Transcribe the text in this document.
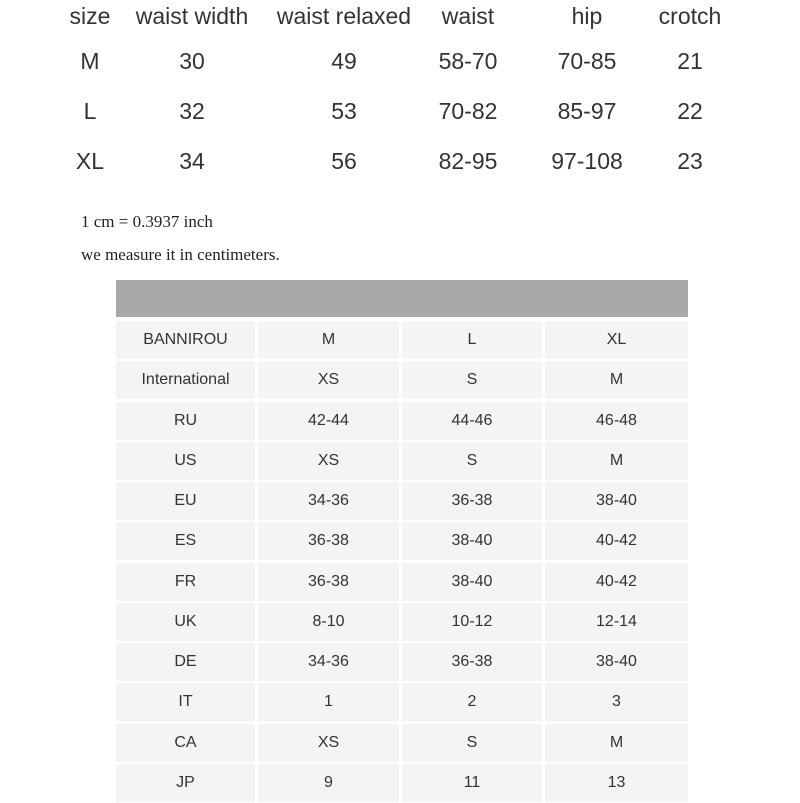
size	waist width	waist relaxed	waist	hip	crotch
M	30	49	58-70	70-85	21
L	32	53	70-82	85-97	22
XL	34	56	82-95	97-108	23
1 cm = 0.3937 inch
we measure it in centimeters.
BANNIROU	M	L	XL
International	XS	S	M
RU	42-44	44-46	46-48
US	XS	S	M
EU	34-36	36-38	38-40
ES	36-38	38-40	40-42
FR	36-38	38-40	40-42
UK	8-10	10-12	12-14
DE	34-36	36-38	38-40
IT	1	2	3
CA	XS	S	M
JP	9	11	13
